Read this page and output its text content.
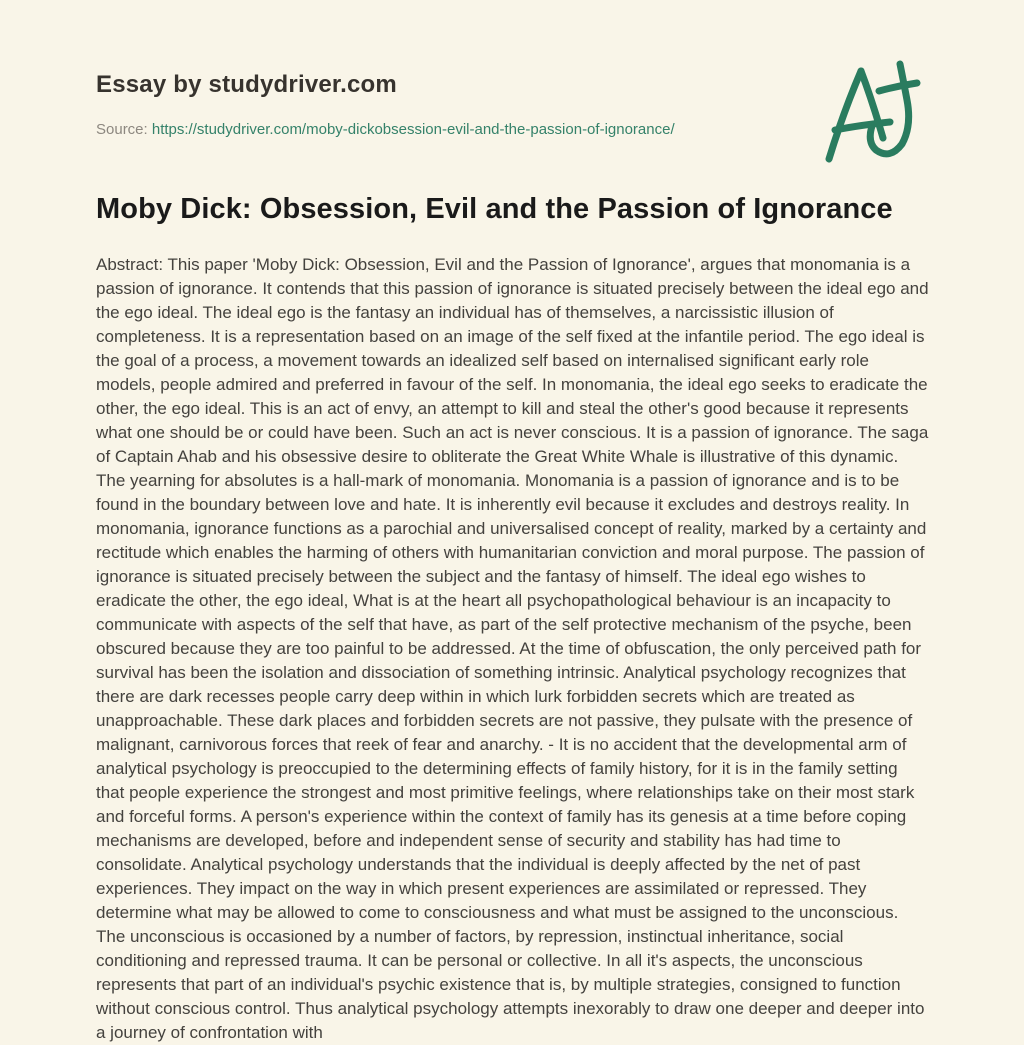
Essay by studydriver.com
Source: https://studydriver.com/moby-dickobsession-evil-and-the-passion-of-ignorance/
Moby Dick: Obsession, Evil and the Passion of Ignorance

Abstract: This paper 'Moby Dick: Obsession, Evil and the Passion of Ignorance', argues that monomania is a passion of ignorance. It contends that this passion of ignorance is situated precisely between the ideal ego and the ego ideal. The ideal ego is the fantasy an individual has of themselves, a narcissistic illusion of completeness. It is a representation based on an image of the self fixed at the infantile period. The ego ideal is the goal of a process, a movement towards an idealized self based on internalised significant early role models, people admired and preferred in favour of the self. In monomania, the ideal ego seeks to eradicate the other, the ego ideal. This is an act of envy, an attempt to kill and steal the other's good because it represents what one should be or could have been. Such an act is never conscious. It is a passion of ignorance. The saga of Captain Ahab and his obsessive desire to obliterate the Great White Whale is illustrative of this dynamic. The yearning for absolutes is a hall-mark of monomania. Monomania is a passion of ignorance and is to be found in the boundary between love and hate. It is inherently evil because it excludes and destroys reality. In monomania, ignorance functions as a parochial and universalised concept of reality, marked by a certainty and rectitude which enables the harming of others with humanitarian conviction and moral purpose. The passion of ignorance is situated precisely between the subject and the fantasy of himself. The ideal ego wishes to eradicate the other, the ego ideal, What is at the heart all psychopathological behaviour is an incapacity to communicate with aspects of the self that have, as part of the self protective mechanism of the psyche, been obscured because they are too painful to be addressed. At the time of obfuscation, the only perceived path for survival has been the isolation and dissociation of something intrinsic. Analytical psychology recognizes that there are dark recesses people carry deep within in which lurk forbidden secrets which are treated as unapproachable. These dark places and forbidden secrets are not passive, they pulsate with the presence of malignant, carnivorous forces that reek of fear and anarchy. - It is no accident that the developmental arm of analytical psychology is preoccupied to the determining effects of family history, for it is in the family setting that people experience the strongest and most primitive feelings, where relationships take on their most stark and forceful forms. A person's experience within the context of family has its genesis at a time before coping mechanisms are developed, before and independent sense of security and stability has had time to consolidate. Analytical psychology understands that the individual is deeply affected by the net of past experiences. They impact on the way in which present experiences are assimilated or repressed. They determine what may be allowed to come to consciousness and what must be assigned to the unconscious. The unconscious is occasioned by a number of factors, by repression, instinctual inheritance, social conditioning and repressed trauma. It can be personal or collective. In all it's aspects, the unconscious represents that part of an individual's psychic existence that is, by multiple strategies, consigned to function without conscious control. Thus analytical psychology attempts inexorably to draw one deeper and deeper into a journey of confrontation with
